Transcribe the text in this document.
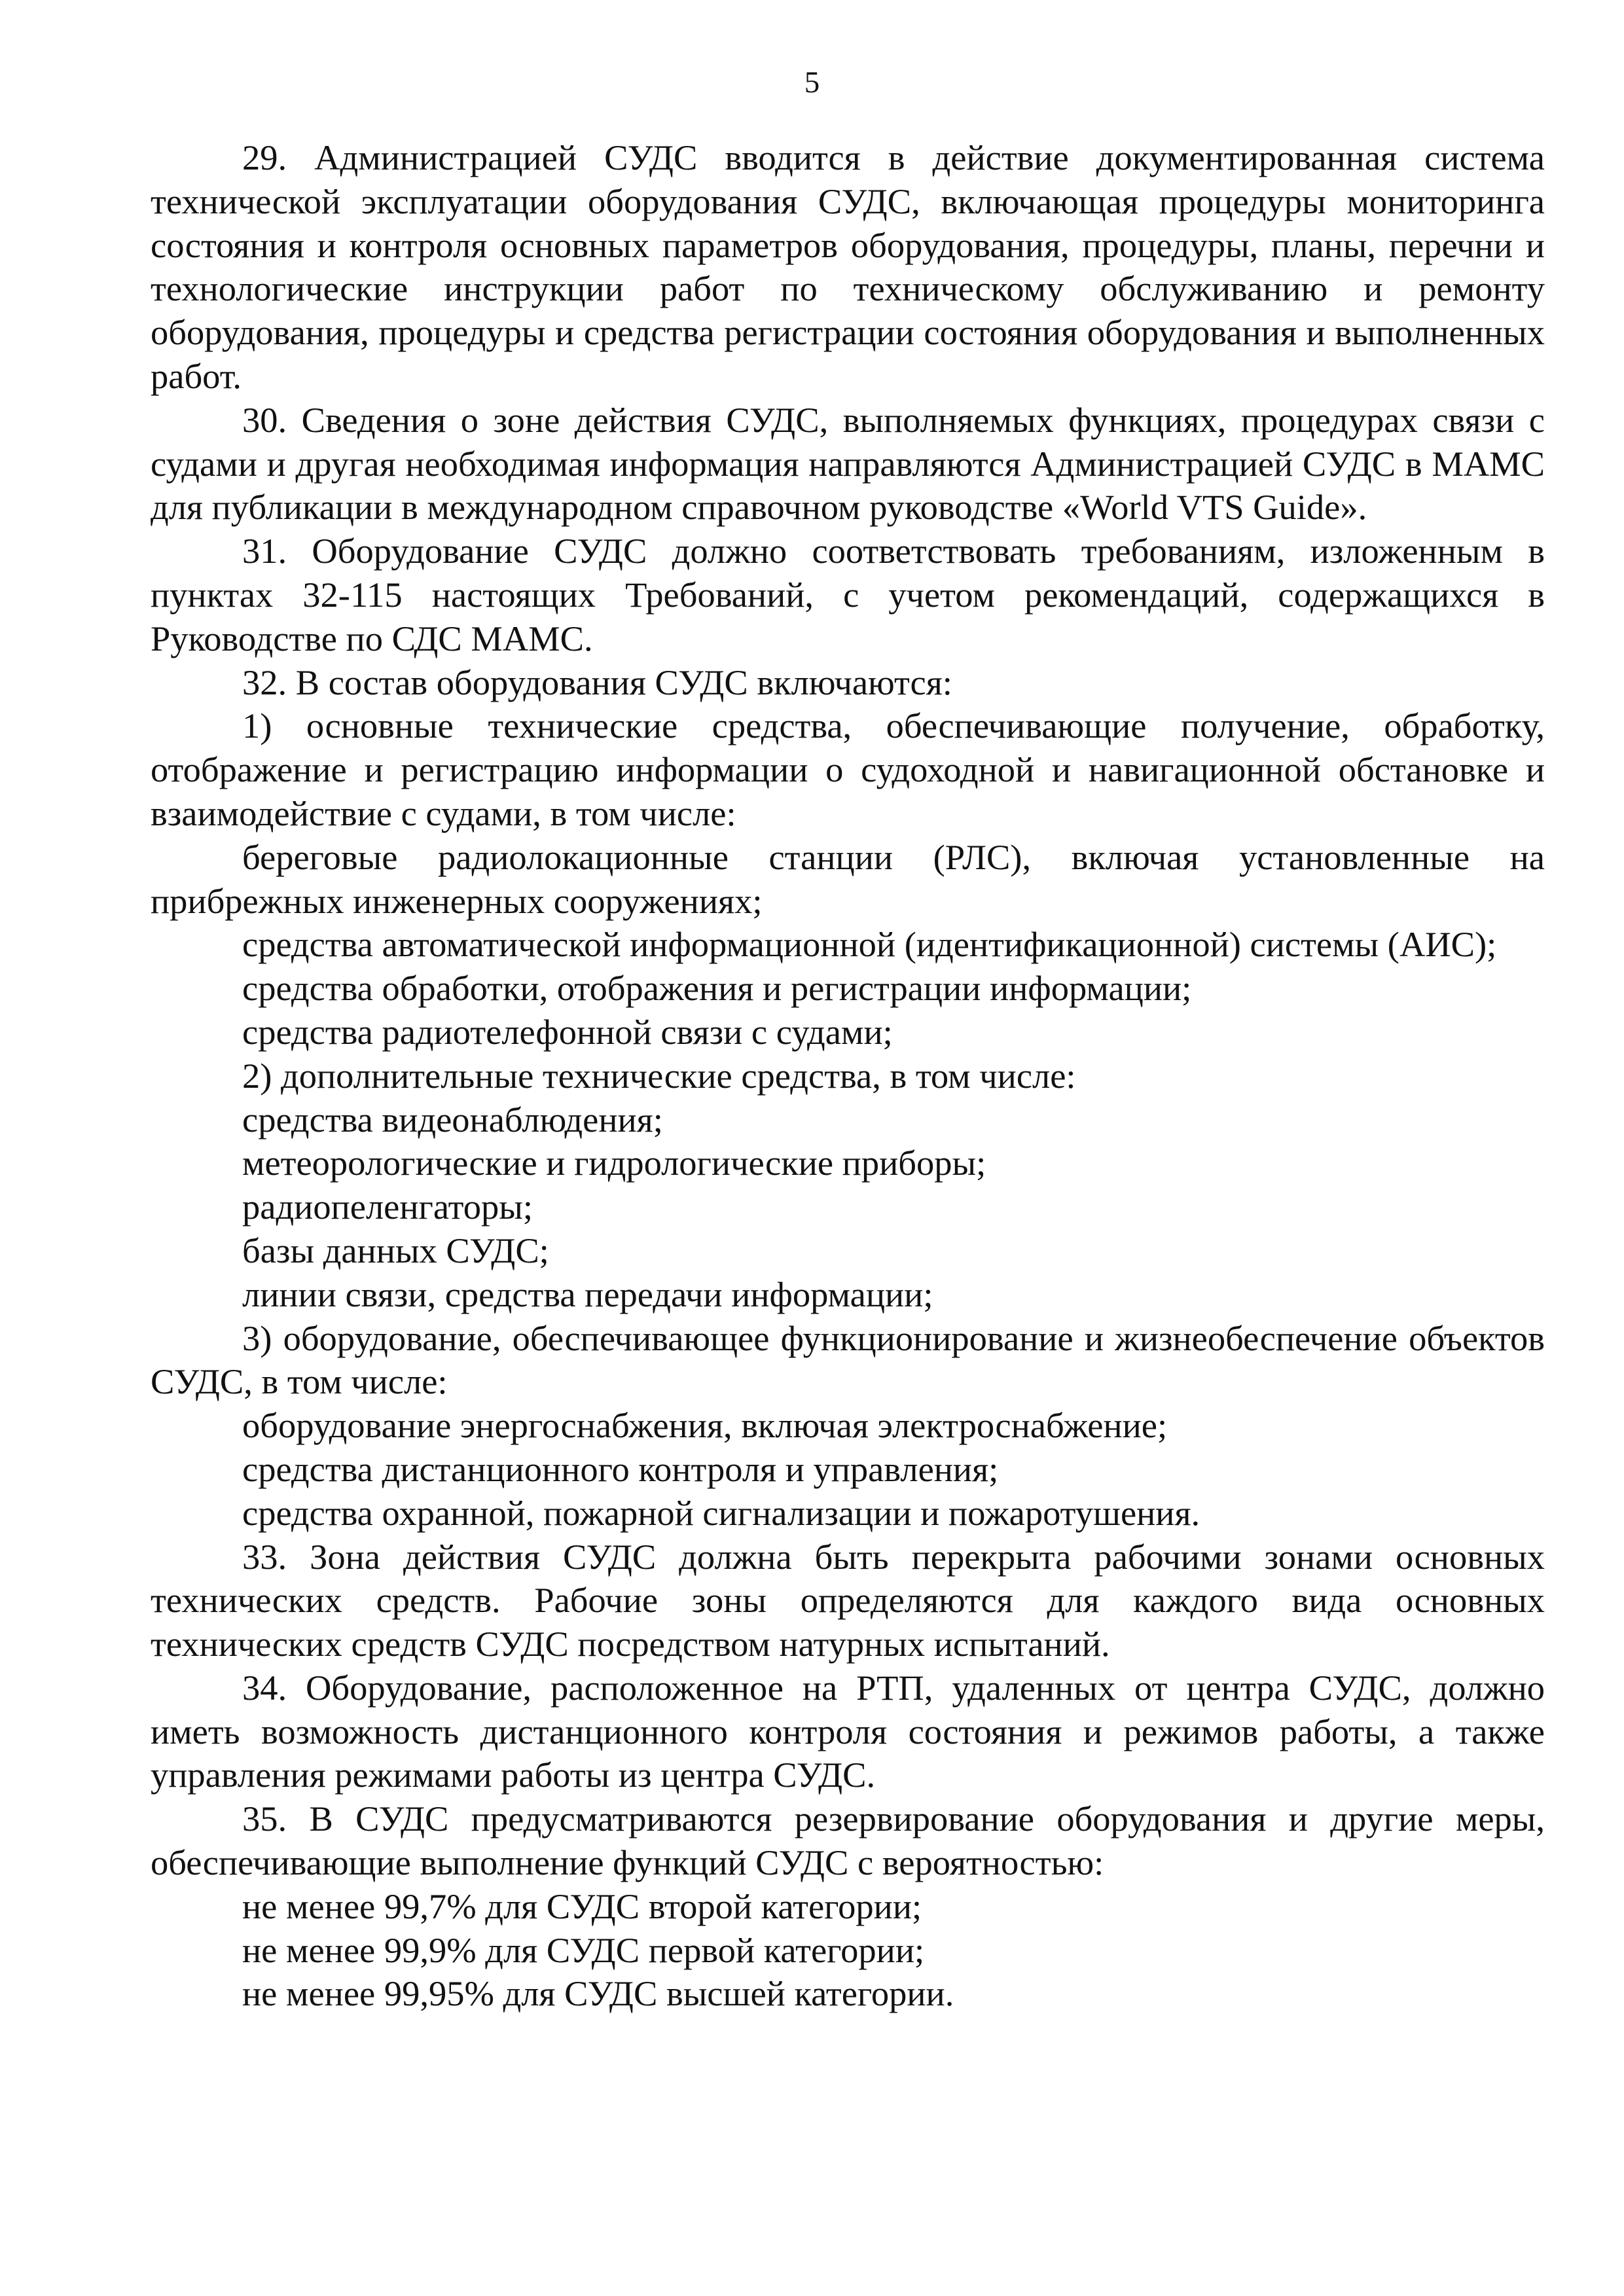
5

29. Администрацией СУДС вводится в действие документированная система технической эксплуатации оборудования СУДС, включающая процедуры мониторинга состояния и контроля основных параметров оборудования, процедуры, планы, перечни и технологические инструкции работ по техническому обслуживанию и ремонту оборудования, процедуры и средства регистрации состояния оборудования и выполненных работ.

30. Сведения о зоне действия СУДС, выполняемых функциях, процедурах связи с судами и другая необходимая информация направляются Администрацией СУДС в МАМС для публикации в международном справочном руководстве «World VTS Guide».

31. Оборудование СУДС должно соответствовать требованиям, изложенным в пунктах 32-115 настоящих Требований, с учетом рекомендаций, содержащихся в Руководстве по СДС МАМС.

32. В состав оборудования СУДС включаются:

1) основные технические средства, обеспечивающие получение, обработку, отображение и регистрацию информации о судоходной и навигационной обстановке и взаимодействие с судами, в том числе:

береговые радиолокационные станции (РЛС), включая установленные на прибрежных инженерных сооружениях;

средства автоматической информационной (идентификационной) системы (АИС);

средства обработки, отображения и регистрации информации;

средства радиотелефонной связи с судами;

2) дополнительные технические средства, в том числе:

средства видеонаблюдения;

метеорологические и гидрологические приборы;

радиопеленгаторы;

базы данных СУДС;

линии связи, средства передачи информации;

3) оборудование, обеспечивающее функционирование и жизнеобеспечение объектов СУДС, в том числе:

оборудование энергоснабжения, включая электроснабжение;

средства дистанционного контроля и управления;

средства охранной, пожарной сигнализации и пожаротушения.

33. Зона действия СУДС должна быть перекрыта рабочими зонами основных технических средств. Рабочие зоны определяются для каждого вида основных технических средств СУДС посредством натурных испытаний.

34. Оборудование, расположенное на РТП, удаленных от центра СУДС, должно иметь возможность дистанционного контроля состояния и режимов работы, а также управления режимами работы из центра СУДС.

35. В СУДС предусматриваются резервирование оборудования и другие меры, обеспечивающие выполнение функций СУДС с вероятностью:

не менее 99,7% для СУДС второй категории;

не менее 99,9% для СУДС первой категории;

не менее 99,95% для СУДС высшей категории.
